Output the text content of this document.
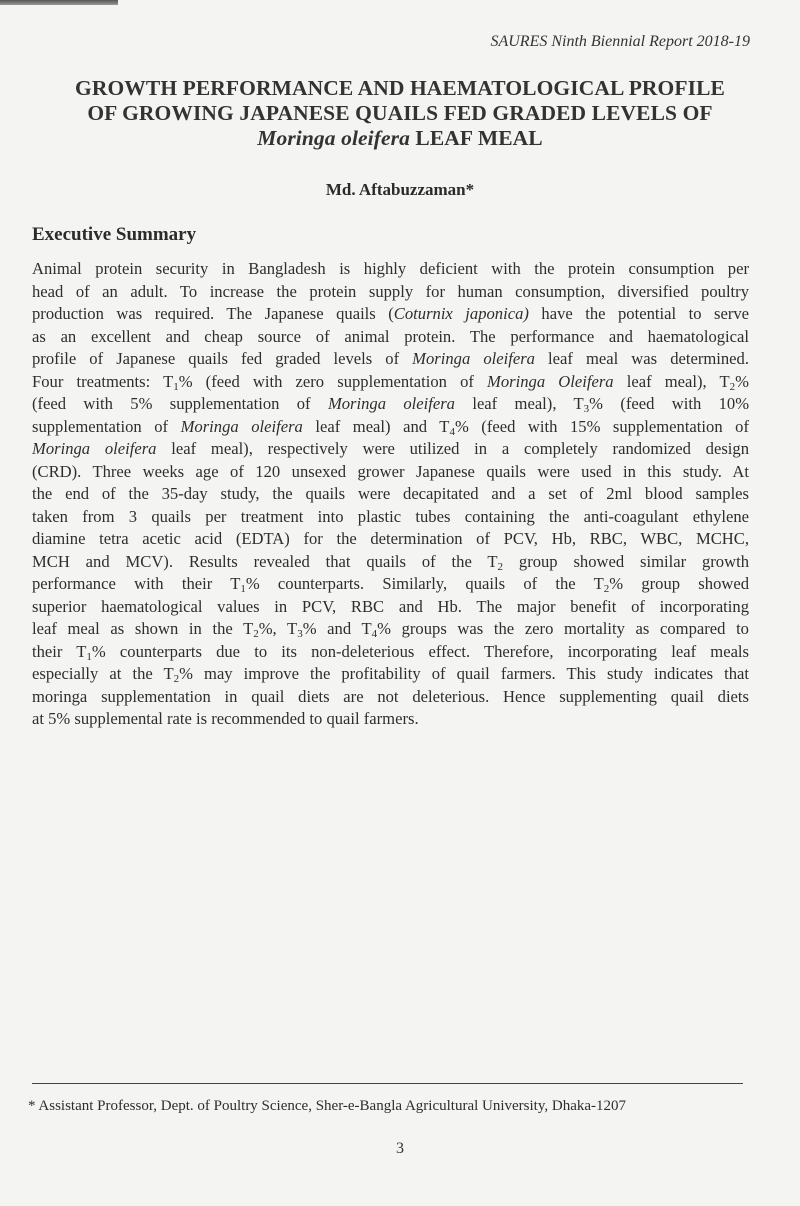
SAURES Ninth Biennial Report 2018-19
GROWTH PERFORMANCE AND HAEMATOLOGICAL PROFILE
OF GROWING JAPANESE QUAILS FED GRADED LEVELS OF
Moringa oleifera LEAF MEAL
Md. Aftabuzzaman*
Executive Summary
Animal protein security in Bangladesh is highly deficient with the protein consumption per
head of an adult. To increase the protein supply for human consumption, diversified poultry
production was required. The Japanese quails (Coturnix japonica) have the potential to serve
as an excellent and cheap source of animal protein. The performance and haematological
profile of Japanese quails fed graded levels of Moringa oleifera leaf meal was determined.
Four treatments: $T_1\%$ (feed with zero supplementation of Moringa Oleifera leaf meal), $T_2\%$
(feed with 5% supplementation of Moringa oleifera leaf meal), $T_3\%$ (feed with 10%
supplementation of Moringa oleifera leaf meal) and $T_4\%$ (feed with 15% supplementation of
Moringa oleifera leaf meal), respectively were utilized in a completely randomized design
(CRD). Three weeks age of 120 unsexed grower Japanese quails were used in this study. At
the end of the 35-day study, the quails were decapitated and a set of 2ml blood samples
taken from 3 quails per treatment into plastic tubes containing the anti-coagulant ethylene
diamine tetra acetic acid (EDTA) for the determination of PCV, Hb, RBC, WBC, MCHC,
MCH and MCV). Results revealed that quails of the $T_2$ group showed similar growth
performance with their $T_1\%$ counterparts. Similarly, quails of the $T_2\%$ group showed
superior haematological values in PCV, RBC and Hb. The major benefit of incorporating
leaf meal as shown in the $T_2\%$, $T_3\%$ and $T_4\%$ groups was the zero mortality as compared to
their $T_1\%$ counterparts due to its non-deleterious effect. Therefore, incorporating leaf meals
especially at the $T_2\%$ may improve the profitability of quail farmers. This study indicates that
moringa supplementation in quail diets are not deleterious. Hence supplementing quail diets
at 5% supplemental rate is recommended to quail farmers.
* Assistant Professor, Dept. of Poultry Science, Sher-e-Bangla Agricultural University, Dhaka-1207
3
